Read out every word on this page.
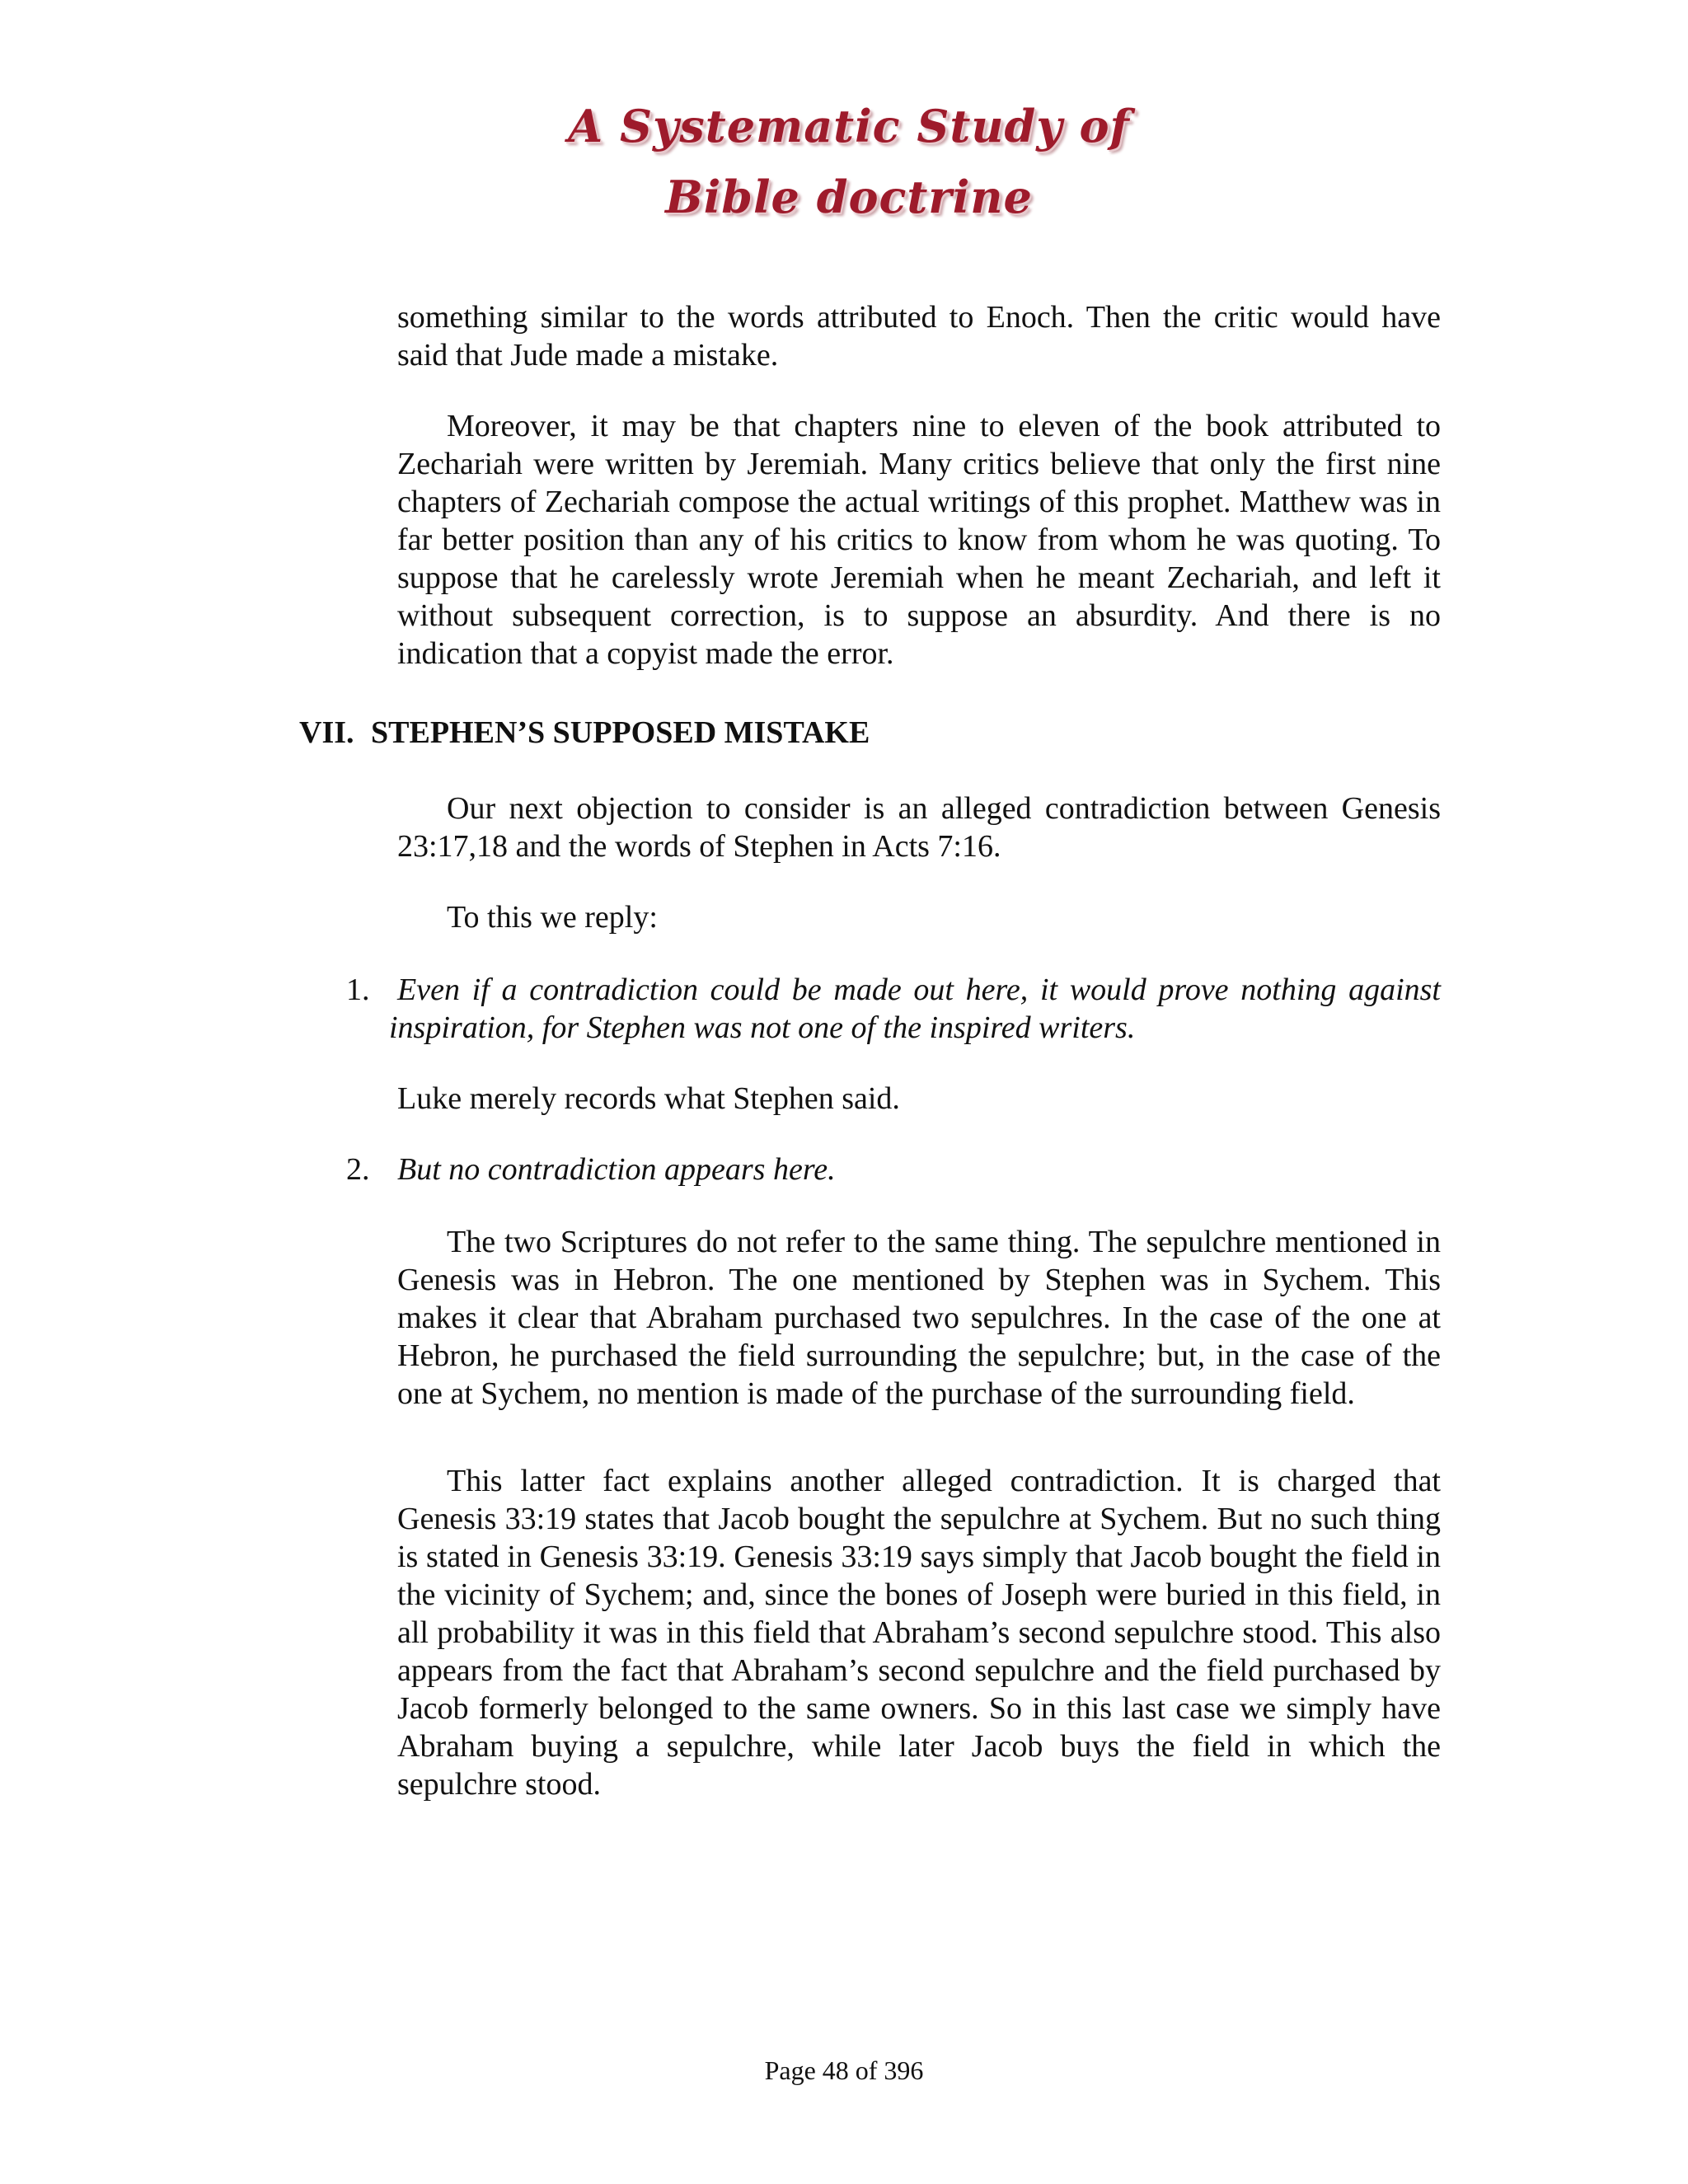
A Systematic Study of
Bible doctrine

something similar to the words attributed to Enoch. Then the critic would have said that Jude made a mistake.

Moreover, it may be that chapters nine to eleven of the book attributed to Zechariah were written by Jeremiah. Many critics believe that only the first nine chapters of Zechariah compose the actual writings of this prophet. Matthew was in far better position than any of his critics to know from whom he was quoting. To suppose that he carelessly wrote Jeremiah when he meant Zechariah, and left it without subsequent correction, is to suppose an absurdity. And there is no indication that a copyist made the error.

VII. STEPHEN’S SUPPOSED MISTAKE

Our next objection to consider is an alleged contradiction between Genesis 23:17,18 and the words of Stephen in Acts 7:16.

To this we reply:

1. Even if a contradiction could be made out here, it would prove nothing against inspiration, for Stephen was not one of the inspired writers.

Luke merely records what Stephen said.

2. But no contradiction appears here.

The two Scriptures do not refer to the same thing. The sepulchre mentioned in Genesis was in Hebron. The one mentioned by Stephen was in Sychem. This makes it clear that Abraham purchased two sepulchres. In the case of the one at Hebron, he purchased the field surrounding the sepulchre; but, in the case of the one at Sychem, no mention is made of the purchase of the surrounding field.

This latter fact explains another alleged contradiction. It is charged that Genesis 33:19 states that Jacob bought the sepulchre at Sychem. But no such thing is stated in Genesis 33:19. Genesis 33:19 says simply that Jacob bought the field in the vicinity of Sychem; and, since the bones of Joseph were buried in this field, in all probability it was in this field that Abraham’s second sepulchre stood. This also appears from the fact that Abraham’s second sepulchre and the field purchased by Jacob formerly belonged to the same owners. So in this last case we simply have Abraham buying a sepulchre, while later Jacob buys the field in which the sepulchre stood.

Page 48 of 396
